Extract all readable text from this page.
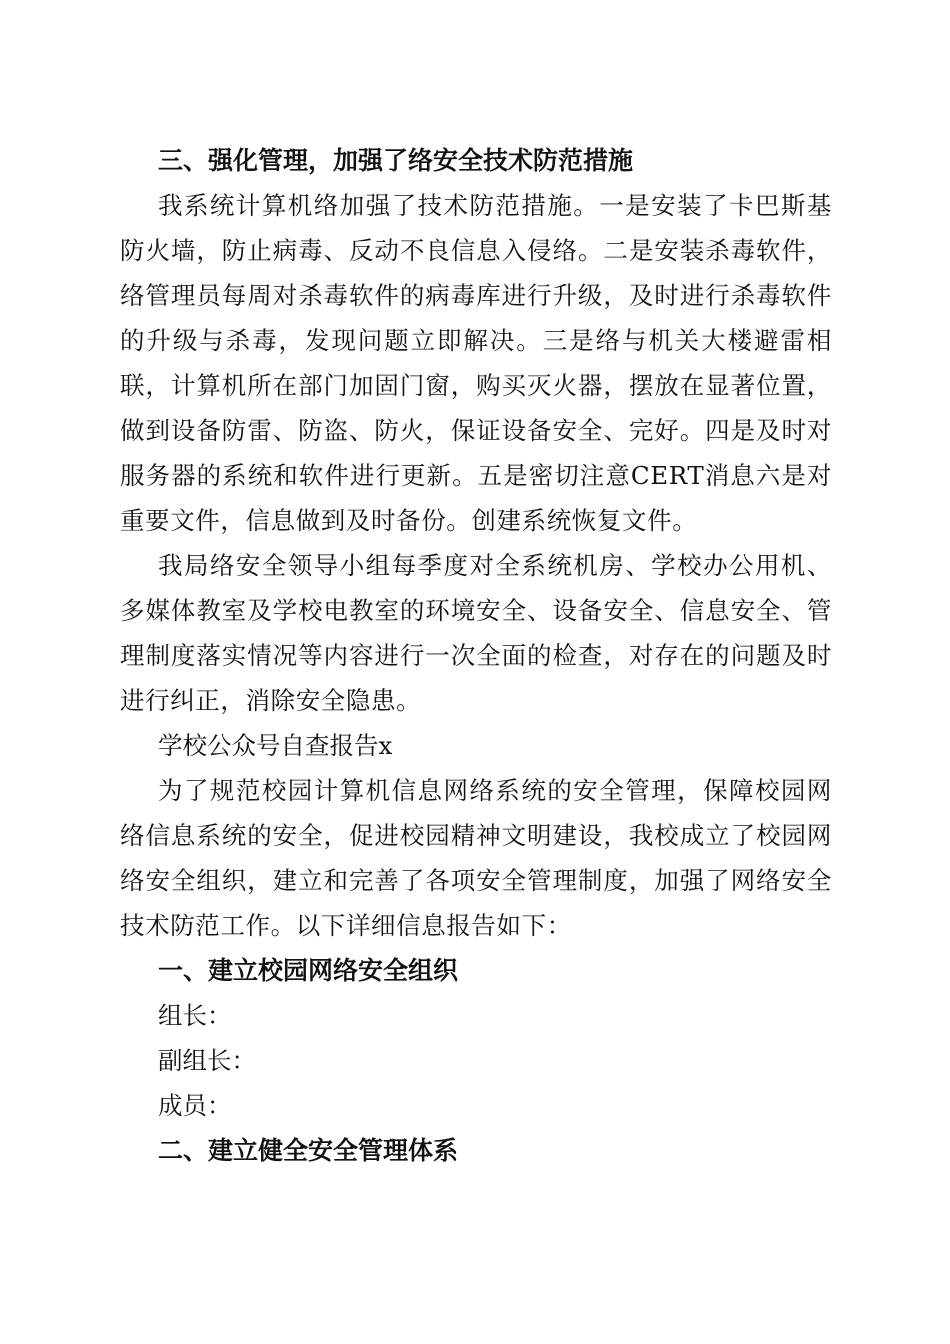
三、强化管理，加强了络安全技术防范措施

我系统计算机络加强了技术防范措施。一是安装了卡巴斯基防火墙，防止病毒、反动不良信息入侵络。二是安装杀毒软件，络管理员每周对杀毒软件的病毒库进行升级，及时进行杀毒软件的升级与杀毒，发现问题立即解决。三是络与机关大楼避雷相联，计算机所在部门加固门窗，购买灭火器，摆放在显著位置，做到设备防雷、防盗、防火，保证设备安全、完好。四是及时对服务器的系统和软件进行更新。五是密切注意CERT消息六是对重要文件，信息做到及时备份。创建系统恢复文件。

我局络安全领导小组每季度对全系统机房、学校办公用机、多媒体教室及学校电教室的环境安全、设备安全、信息安全、管理制度落实情况等内容进行一次全面的检查，对存在的问题及时进行纠正，消除安全隐患。

学校公众号自查报告x

为了规范校园计算机信息网络系统的安全管理，保障校园网络信息系统的安全，促进校园精神文明建设，我校成立了校园网络安全组织，建立和完善了各项安全管理制度，加强了网络安全技术防范工作。以下详细信息报告如下：

一、建立校园网络安全组织

组长：

副组长：

成员：

二、建立健全安全管理体系
